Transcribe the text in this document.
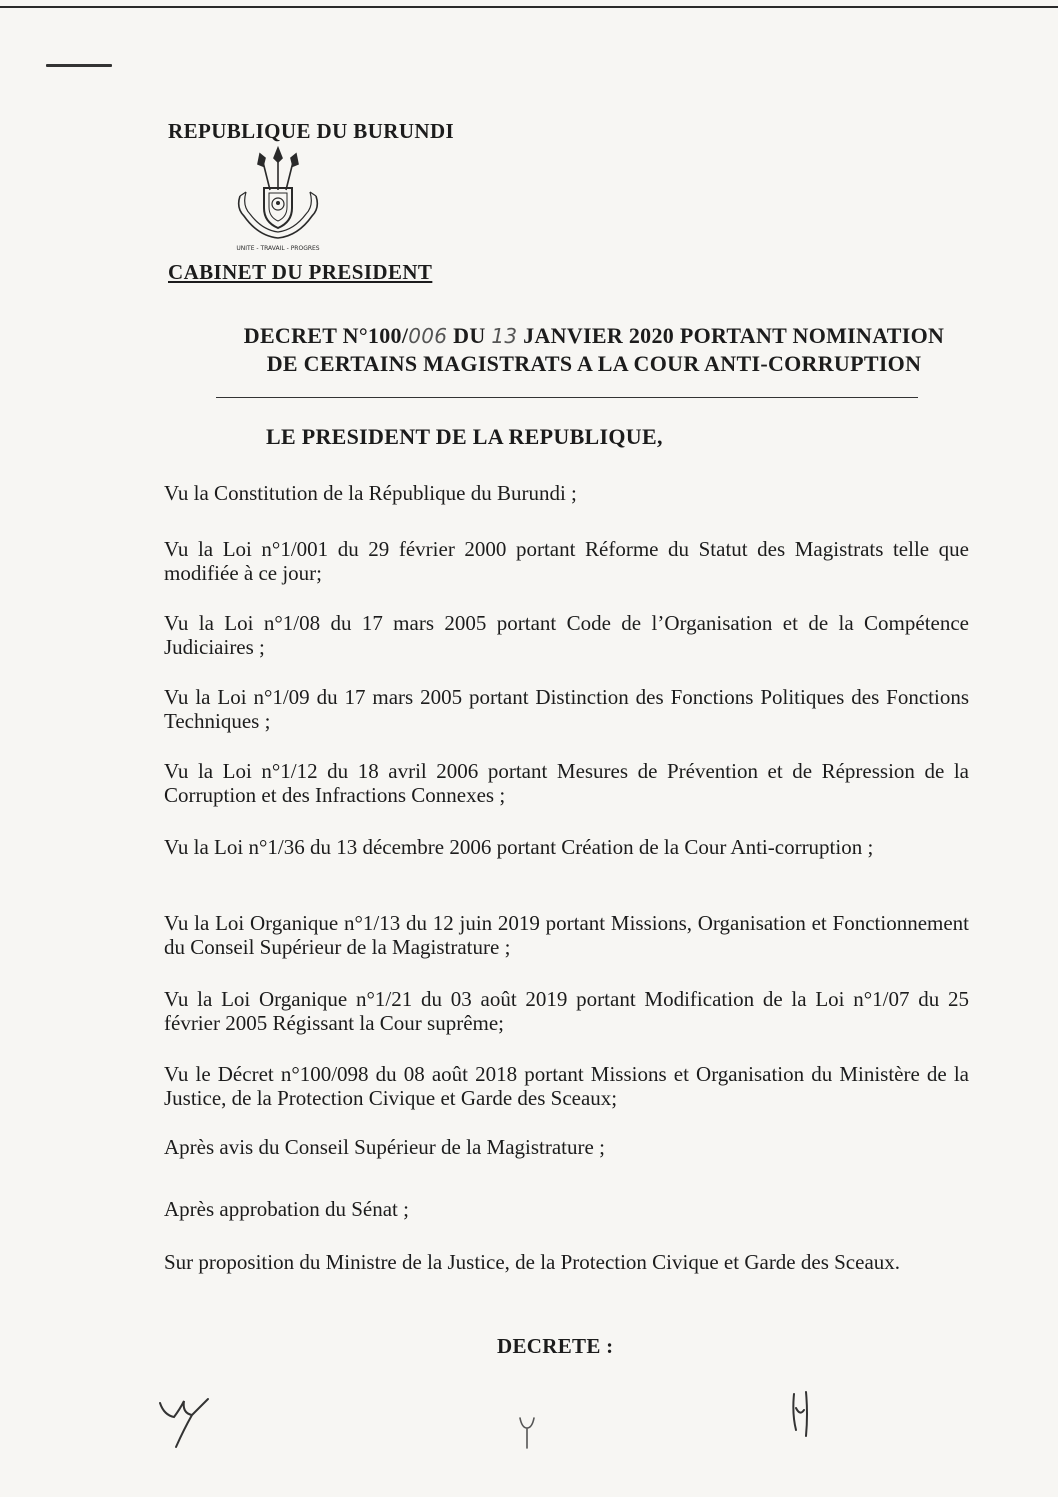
REPUBLIQUE DU BURUNDI
UNITE - TRAVAIL - PROGRES
CABINET DU PRESIDENT
DECRET N°100/006 DU 13 JANVIER 2020 PORTANT NOMINATION
DE CERTAINS MAGISTRATS A LA COUR ANTI-CORRUPTION
LE PRESIDENT DE LA REPUBLIQUE,
Vu la Constitution de la République du Burundi ;
Vu la Loi n°1/001 du 29 février 2000 portant Réforme du Statut des Magistrats telle que modifiée à ce jour;
Vu la Loi n°1/08 du 17 mars 2005 portant Code de l’Organisation et de la Compétence Judiciaires ;
Vu la Loi n°1/09 du 17 mars 2005 portant Distinction des Fonctions Politiques des Fonctions Techniques ;
Vu la Loi n°1/12 du 18 avril 2006 portant Mesures de Prévention et de Répression de la Corruption et des Infractions Connexes ;
Vu la Loi n°1/36 du 13 décembre 2006 portant Création de la Cour Anti-corruption ;
Vu la Loi Organique n°1/13 du 12 juin 2019 portant Missions, Organisation et Fonctionnement du Conseil Supérieur de la Magistrature ;
Vu la Loi Organique n°1/21 du 03 août 2019 portant Modification de la Loi n°1/07 du 25 février 2005 Régissant la Cour suprême;
Vu le Décret n°100/098 du 08 août 2018 portant Missions et Organisation du Ministère de la Justice, de la Protection Civique et Garde des Sceaux;
Après avis du Conseil Supérieur de la Magistrature ;
Après approbation du Sénat ;
Sur proposition du Ministre de la Justice, de la Protection Civique et Garde des Sceaux.
DECRETE :
